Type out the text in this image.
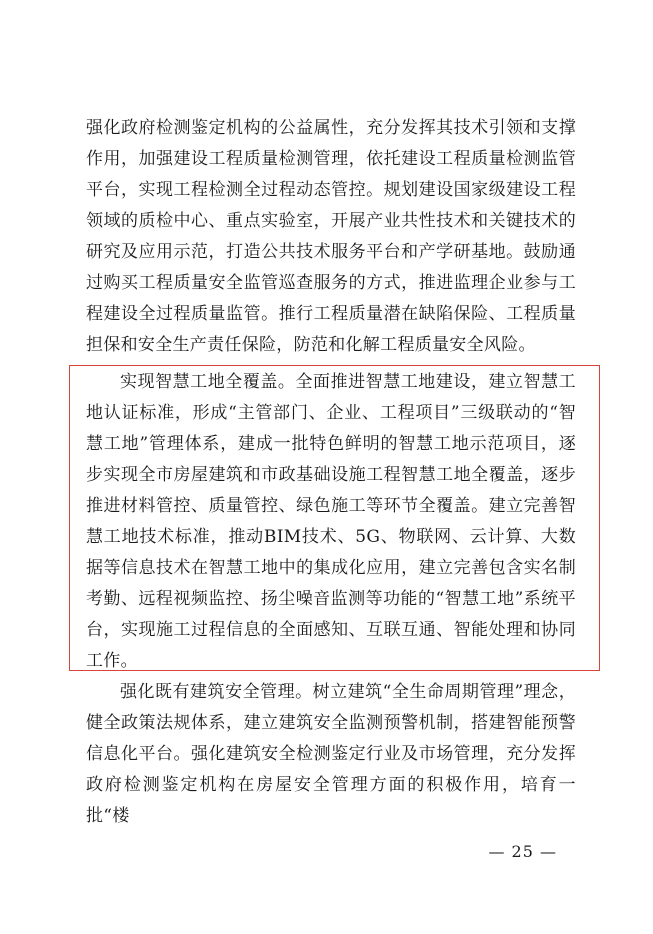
强化政府检测鉴定机构的公益属性，充分发挥其技术引领和支撑作用，加强建设工程质量检测管理，依托建设工程质量检测监管平台，实现工程检测全过程动态管控。规划建设国家级建设工程领域的质检中心、重点实验室，开展产业共性技术和关键技术的研究及应用示范，打造公共技术服务平台和产学研基地。鼓励通过购买工程质量安全监管巡查服务的方式，推进监理企业参与工程建设全过程质量监管。推行工程质量潜在缺陷保险、工程质量担保和安全生产责任保险，防范和化解工程质量安全风险。

实现智慧工地全覆盖。全面推进智慧工地建设，建立智慧工地认证标准，形成“主管部门、企业、工程项目”三级联动的“智慧工地”管理体系，建成一批特色鲜明的智慧工地示范项目，逐步实现全市房屋建筑和市政基础设施工程智慧工地全覆盖，逐步推进材料管控、质量管控、绿色施工等环节全覆盖。建立完善智慧工地技术标准，推动BIM技术、5G、物联网、云计算、大数据等信息技术在智慧工地中的集成化应用，建立完善包含实名制考勤、远程视频监控、扬尘噪音监测等功能的“智慧工地”系统平台，实现施工过程信息的全面感知、互联互通、智能处理和协同工作。

强化既有建筑安全管理。树立建筑“全生命周期管理”理念，健全政策法规体系，建立建筑安全监测预警机制，搭建智能预警信息化平台。强化建筑安全检测鉴定行业及市场管理，充分发挥政府检测鉴定机构在房屋安全管理方面的积极作用，培育一批“楼

— 25 —
